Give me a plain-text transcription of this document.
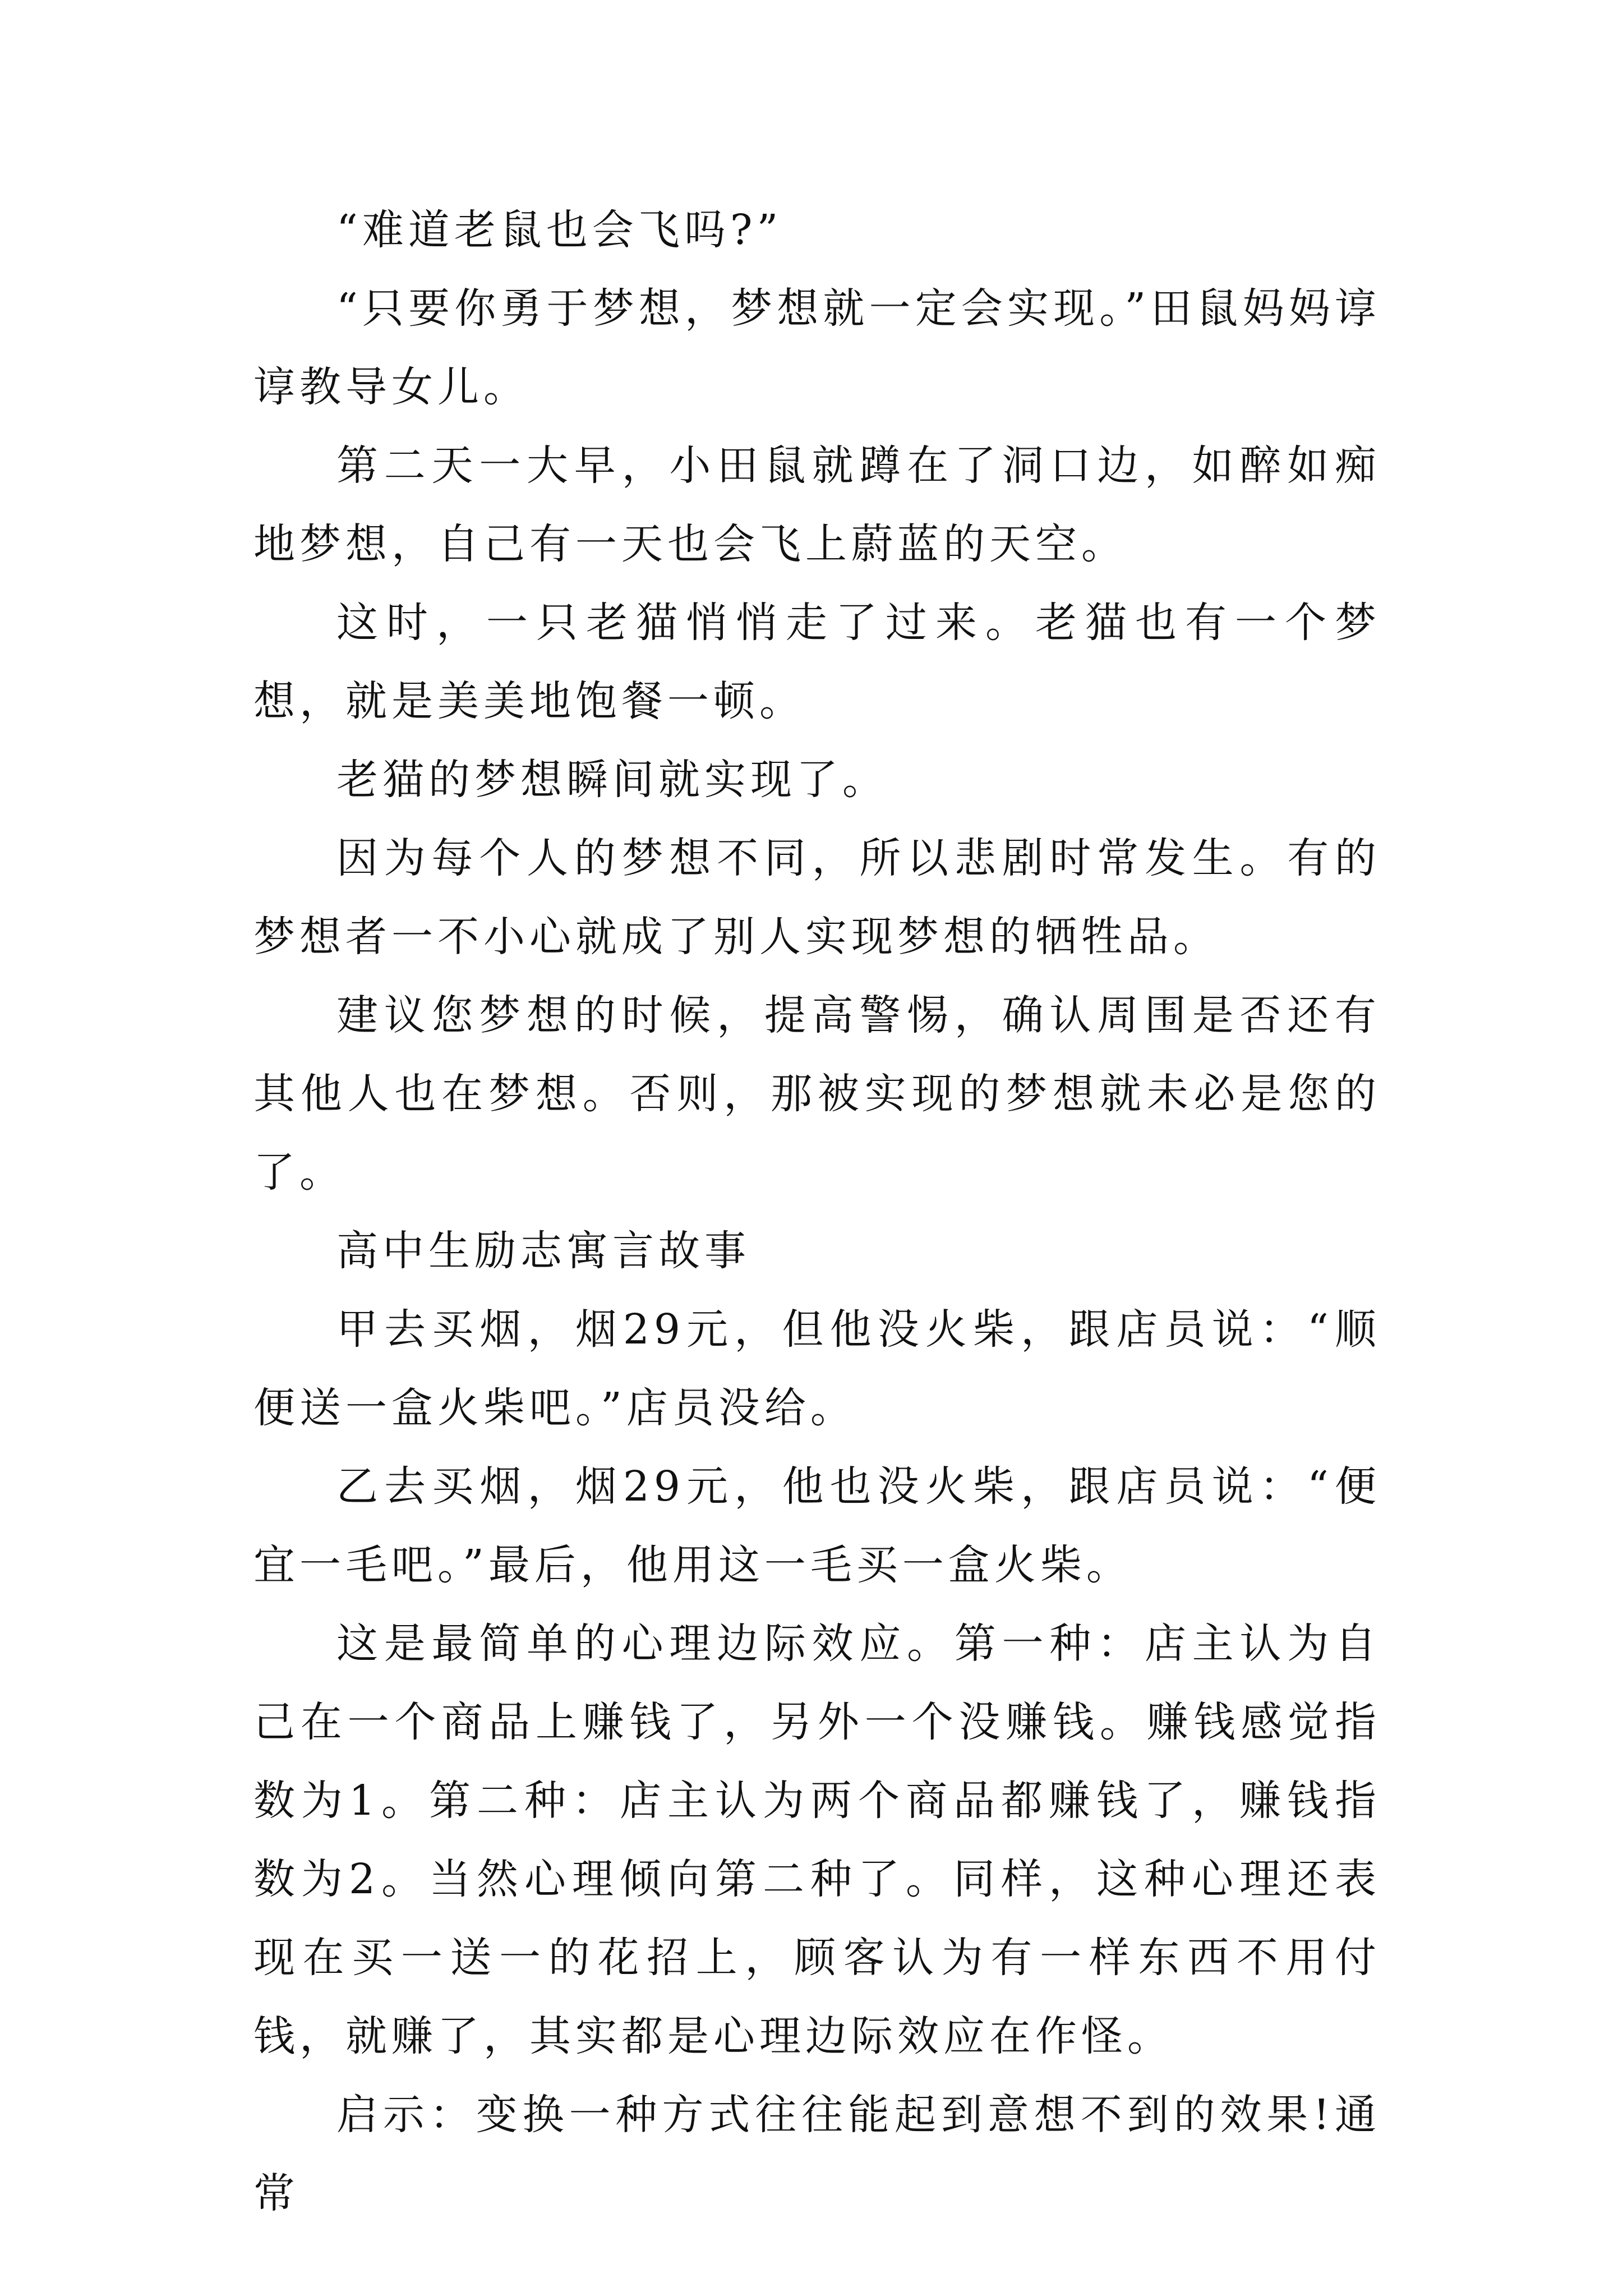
“难道老鼠也会飞吗?”

“只要你勇于梦想，梦想就一定会实现。”田鼠妈妈谆谆教导女儿。

第二天一大早，小田鼠就蹲在了洞口边，如醉如痴地梦想，自己有一天也会飞上蔚蓝的天空。

这时，一只老猫悄悄走了过来。老猫也有一个梦想，就是美美地饱餐一顿。

老猫的梦想瞬间就实现了。

因为每个人的梦想不同，所以悲剧时常发生。有的梦想者一不小心就成了别人实现梦想的牺牲品。

建议您梦想的时候，提高警惕，确认周围是否还有其他人也在梦想。否则，那被实现的梦想就未必是您的了。

高中生励志寓言故事

甲去买烟，烟29元，但他没火柴，跟店员说：“顺便送一盒火柴吧。”店员没给。

乙去买烟，烟29元，他也没火柴，跟店员说：“便宜一毛吧。”最后，他用这一毛买一盒火柴。

这是最简单的心理边际效应。第一种：店主认为自己在一个商品上赚钱了，另外一个没赚钱。赚钱感觉指数为1。第二种：店主认为两个商品都赚钱了，赚钱指数为2。当然心理倾向第二种了。同样，这种心理还表现在买一送一的花招上，顾客认为有一样东西不用付钱，就赚了，其实都是心理边际效应在作怪。

启示：变换一种方式往往能起到意想不到的效果!通常
